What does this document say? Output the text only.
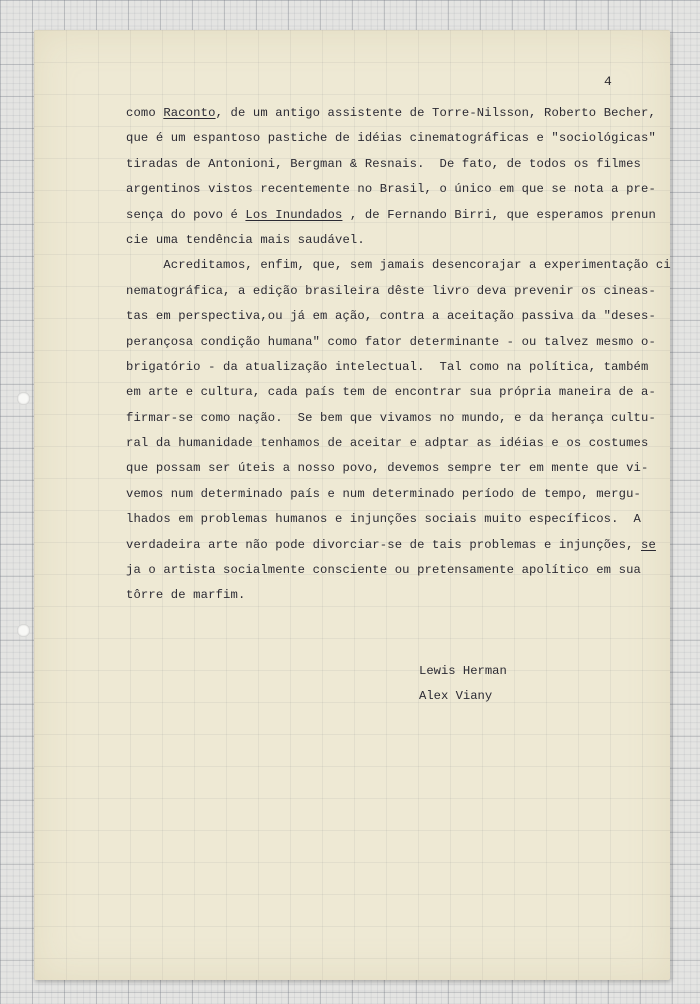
4
como Raconto, de um antigo assistente de Torre-Nilsson, Roberto Becher,
que é um espantoso pastiche de idéias cinematográficas e "sociológicas"
tiradas de Antonioni, Bergman & Resnais.  De fato, de todos os filmes
argentinos vistos recentemente no Brasil, o único em que se nota a pre-
sença do povo é Los Inundados , de Fernando Birri, que esperamos prenun
cie uma tendência mais saudável.
Acreditamos, enfim, que, sem jamais desencorajar a experimentação ci
nematográfica, a edição brasileira dêste livro deva prevenir os cineas-
tas em perspectiva,ou já em ação, contra a aceitação passiva da "deses-
perançosa condição humana" como fator determinante - ou talvez mesmo o-
brigatório - da atualização intelectual.  Tal como na política, também
em arte e cultura, cada país tem de encontrar sua própria maneira de a-
firmar-se como nação.  Se bem que vivamos no mundo, e da herança cultu-
ral da humanidade tenhamos de aceitar e adptar as idéias e os costumes
que possam ser úteis a nosso povo, devemos sempre ter em mente que vi-
vemos num determinado país e num determinado período de tempo, mergu-
lhados em problemas humanos e injunções sociais muito específicos.  A
verdadeira arte não pode divorciar-se de tais problemas e injunções, se
ja o artista socialmente consciente ou pretensamente apolítico em sua
tôrre de marfim.
Lewis Herman
Alex Viany
